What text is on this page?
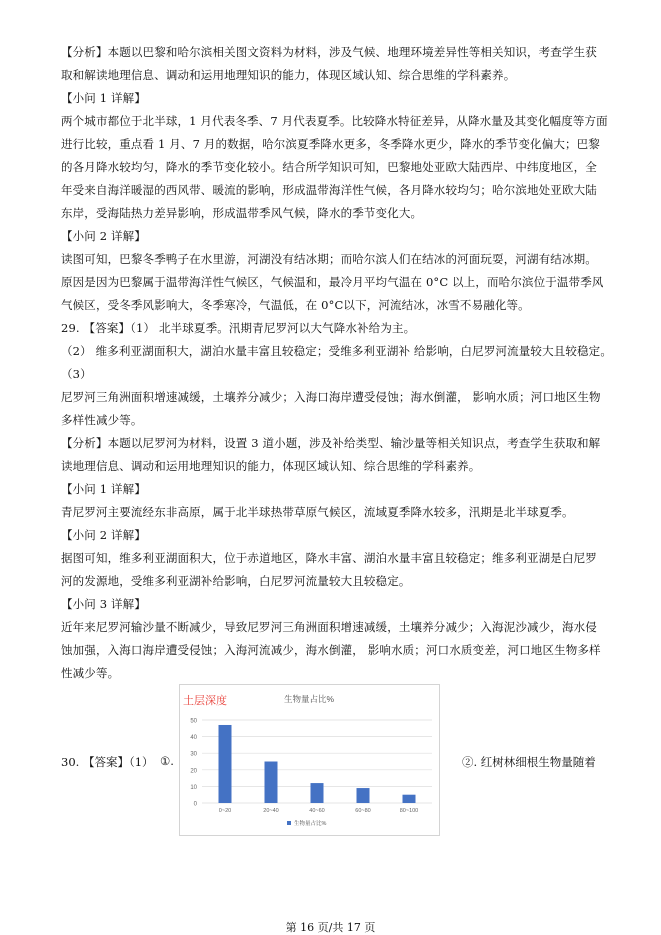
【分析】本题以巴黎和哈尔滨相关图文资料为材料，涉及气候、地理环境差异性等相关知识，考查学生获
取和解读地理信息、调动和运用地理知识的能力，体现区域认知、综合思维的学科素养。
【小问 1 详解】
两个城市都位于北半球，1 月代表冬季、7 月代表夏季。比较降水特征差异，从降水量及其变化幅度等方面
进行比较，重点看 1 月、7 月的数据，哈尔滨夏季降水更多，冬季降水更少，降水的季节变化偏大；巴黎
的各月降水较均匀，降水的季节变化较小。结合所学知识可知，巴黎地处亚欧大陆西岸、中纬度地区，全
年受来自海洋暖湿的西风带、暖流的影响，形成温带海洋性气候，各月降水较均匀；哈尔滨地处亚欧大陆
东岸，受海陆热力差异影响，形成温带季风气候，降水的季节变化大。
【小问 2 详解】
读图可知，巴黎冬季鸭子在水里游，河湖没有结冰期；而哈尔滨人们在结冰的河面玩耍，河湖有结冰期。
原因是因为巴黎属于温带海洋性气候区，气候温和，最冷月平均气温在 0°C 以上，而哈尔滨位于温带季风
气候区，受冬季风影响大，冬季寒冷，气温低，在 0°C以下，河流结冰，冰雪不易融化等。
29. 【答案】（1） 北半球夏季。汛期青尼罗河以大气降水补给为主。
（2） 维多利亚湖面积大，湖泊水量丰富且较稳定；受维多利亚湖补 给影响，白尼罗河流量较大且较稳定。
（3）
尼罗河三角洲面积增速减缓，土壤养分减少；入海口海岸遭受侵蚀；海水倒灌， 影响水质；河口地区生物
多样性减少等。
【分析】本题以尼罗河为材料，设置 3 道小题，涉及补给类型、输沙量等相关知识点，考查学生获取和解
读地理信息、调动和运用地理知识的能力，体现区域认知、综合思维的学科素养。
【小问 1 详解】
青尼罗河主要流经东非高原，属于北半球热带草原气候区，流域夏季降水较多，汛期是北半球夏季。
【小问 2 详解】
据图可知，维多利亚湖面积大，位于赤道地区，降水丰富、湖泊水量丰富且较稳定；维多利亚湖是白尼罗
河的发源地，受维多利亚湖补给影响，白尼罗河流量较大且较稳定。
【小问 3 详解】
近年来尼罗河输沙量不断减少，导致尼罗河三角洲面积增速减缓，土壤养分减少；入海泥沙减少，海水侵
蚀加强，入海口海岸遭受侵蚀；入海河流减少，海水倒灌， 影响水质；河口水质变差，河口地区生物多样
性减少等。
土层深度	生物量占比%
0
10
20
30
40
50
0~20	20~40	40~60	60~80	80~100
生物量占比%
30. 【答案】（1） ①.	②. 红树林细根生物量随着
第 16 页/共 17 页
